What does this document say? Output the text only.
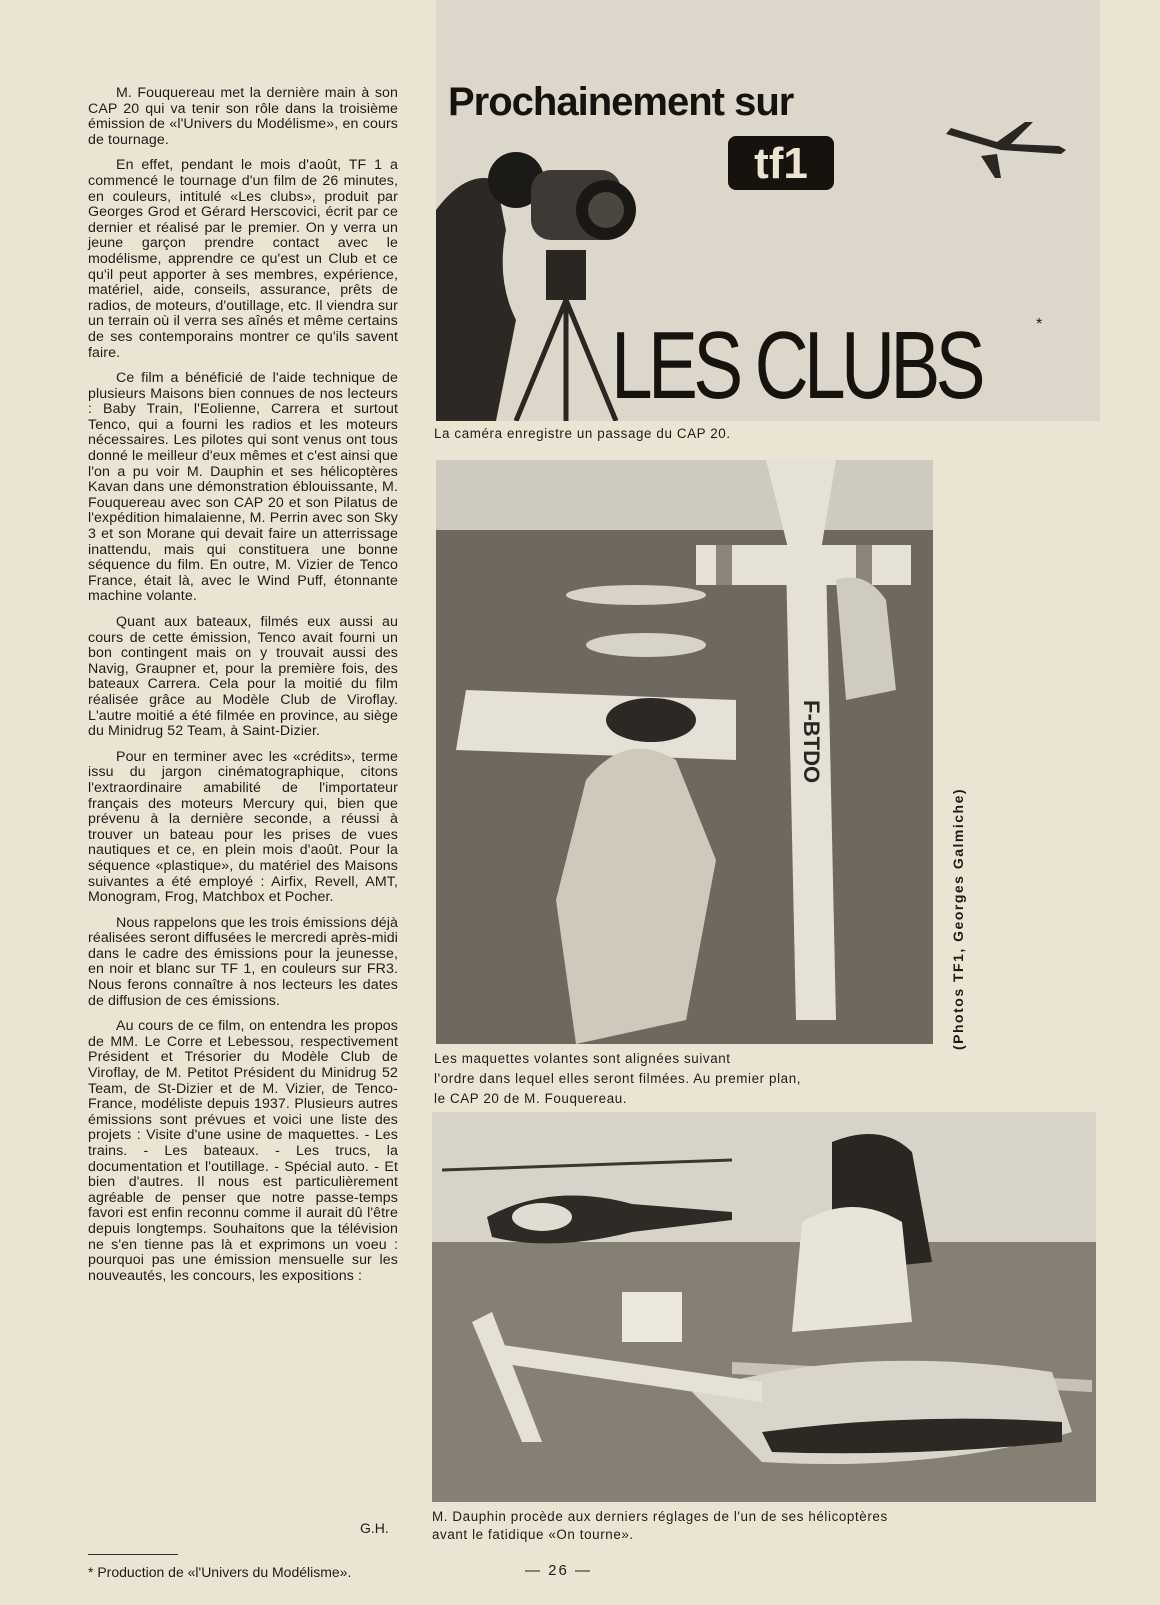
M. Fouquereau met la dernière main à son CAP 20 qui va tenir son rôle dans la troisième émission de «l'Univers du Modélisme», en cours de tournage.

En effet, pendant le mois d'août, TF 1 a commencé le tournage d'un film de 26 minutes, en couleurs, intitulé «Les clubs», produit par Georges Grod et Gérard Herscovici, écrit par ce dernier et réalisé par le premier. On y verra un jeune garçon prendre contact avec le modélisme, apprendre ce qu'est un Club et ce qu'il peut apporter à ses membres, expérience, matériel, aide, conseils, assurance, prêts de radios, de moteurs, d'outillage, etc. Il viendra sur un terrain où il verra ses aînés et même certains de ses contemporains montrer ce qu'ils savent faire.

Ce film a bénéficié de l'aide technique de plusieurs Maisons bien connues de nos lecteurs : Baby Train, l'Eolienne, Carrera et surtout Tenco, qui a fourni les radios et les moteurs nécessaires. Les pilotes qui sont venus ont tous donné le meilleur d'eux mêmes et c'est ainsi que l'on a pu voir M. Dauphin et ses hélicoptères Kavan dans une démonstration éblouissante, M. Fouquereau avec son CAP 20 et son Pilatus de l'expédition himalaienne, M. Perrin avec son Sky 3 et son Morane qui devait faire un atterrissage inattendu, mais qui constituera une bonne séquence du film. En outre, M. Vizier de Tenco France, était là, avec le Wind Puff, étonnante machine volante.

Quant aux bateaux, filmés eux aussi au cours de cette émission, Tenco avait fourni un bon contingent mais on y trouvait aussi des Navig, Graupner et, pour la première fois, des bateaux Carrera. Cela pour la moitié du film réalisée grâce au Modèle Club de Viroflay. L'autre moitié a été filmée en province, au siège du Minidrug 52 Team, à Saint-Dizier.

Pour en terminer avec les «crédits», terme issu du jargon cinématographique, citons l'extraordinaire amabilité de l'importateur français des moteurs Mercury qui, bien que prévenu à la dernière seconde, a réussi à trouver un bateau pour les prises de vues nautiques et ce, en plein mois d'août. Pour la séquence «plastique», du matériel des Maisons suivantes a été employé : Airfix, Revell, AMT, Monogram, Frog, Matchbox et Pocher.

Nous rappelons que les trois émissions déjà réalisées seront diffusées le mercredi après-midi dans le cadre des émissions pour la jeunesse, en noir et blanc sur TF 1, en couleurs sur FR3. Nous ferons connaître à nos lecteurs les dates de diffusion de ces émissions.

Au cours de ce film, on entendra les propos de MM. Le Corre et Lebessou, respectivement Président et Trésorier du Modèle Club de Viroflay, de M. Petitot Président du Minidrug 52 Team, de St-Dizier et de M. Vizier, de Tenco-France, modéliste depuis 1937. Plusieurs autres émissions sont prévues et voici une liste des projets : Visite d'une usine de maquettes. - Les trains. - Les bateaux. - Les trucs, la documentation et l'outillage. - Spécial auto. - Et bien d'autres. Il nous est particulièrement agréable de penser que notre passe-temps favori est enfin reconnu comme il aurait dû l'être depuis longtemps. Souhaitons que la télévision ne s'en tienne pas là et exprimons un voeu : pourquoi pas une émission mensuelle sur les nouveautés, les concours, les expositions :

G.H.
Prochainement sur
tf1
LES CLUBS	*
La caméra enregistre un passage du CAP 20.
F-BTDO
(Photos TF1, Georges Galmiche)
Les maquettes volantes sont alignées suivant
l'ordre dans lequel elles seront filmées. Au premier plan,
le CAP 20 de M. Fouquereau.
M. Dauphin procède aux derniers réglages de l'un de ses hélicoptères
avant le fatidique «On tourne».
* Production de «l'Univers du Modélisme».	— 26 —
